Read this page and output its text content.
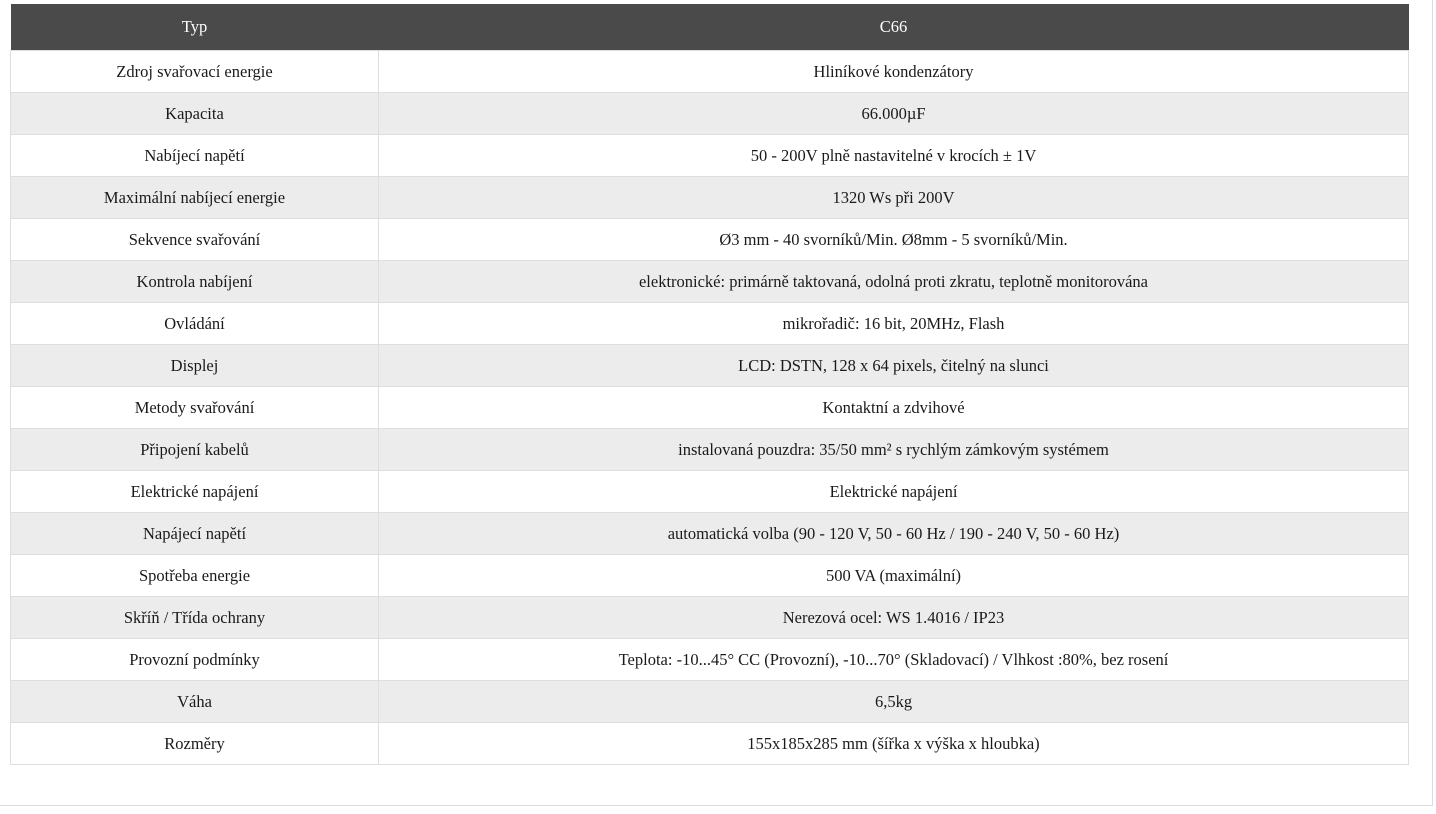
Typ	C66
Zdroj svařovací energie	Hliníkové kondenzátory
Kapacita	66.000µF
Nabíjecí napětí	50 - 200V plně nastavitelné v krocích ± 1V
Maximální nabíjecí energie	1320 Ws při 200V
Sekvence svařování	Ø3 mm - 40 svorníků/Min. Ø8mm - 5 svorníků/Min.
Kontrola nabíjení	elektronické: primárně taktovaná, odolná proti zkratu, teplotně monitorována
Ovládání	mikrořadič: 16 bit, 20MHz, Flash
Displej	LCD: DSTN, 128 x 64 pixels, čitelný na slunci
Metody svařování	Kontaktní a zdvihové
Připojení kabelů	instalovaná pouzdra: 35/50 mm² s rychlým zámkovým systémem
Elektrické napájení	Elektrické napájení
Napájecí napětí	automatická volba (90 - 120 V, 50 - 60 Hz / 190 - 240 V, 50 - 60 Hz)
Spotřeba energie	500 VA (maximální)
Skříň / Třída ochrany	Nerezová ocel: WS 1.4016 / IP23
Provozní podmínky	Teplota: -10...45° CC (Provozní), -10...70° (Skladovací) / Vlhkost :80%, bez rosení
Váha	6,5kg
Rozměry	155x185x285 mm (šířka x výška x hloubka)
